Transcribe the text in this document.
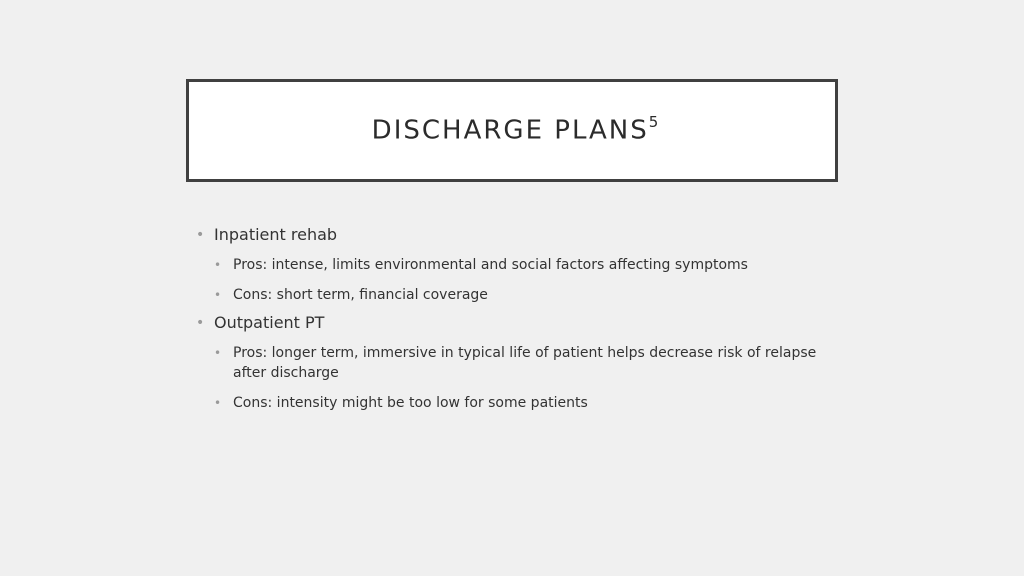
DISCHARGE PLANS$^5$
• Inpatient rehab
• Pros: intense, limits environmental and social factors affecting symptoms
• Cons: short term, financial coverage
• Outpatient PT
• Pros: longer term, immersive in typical life of patient helps decrease risk of relapse after discharge
• Cons: intensity might be too low for some patients
